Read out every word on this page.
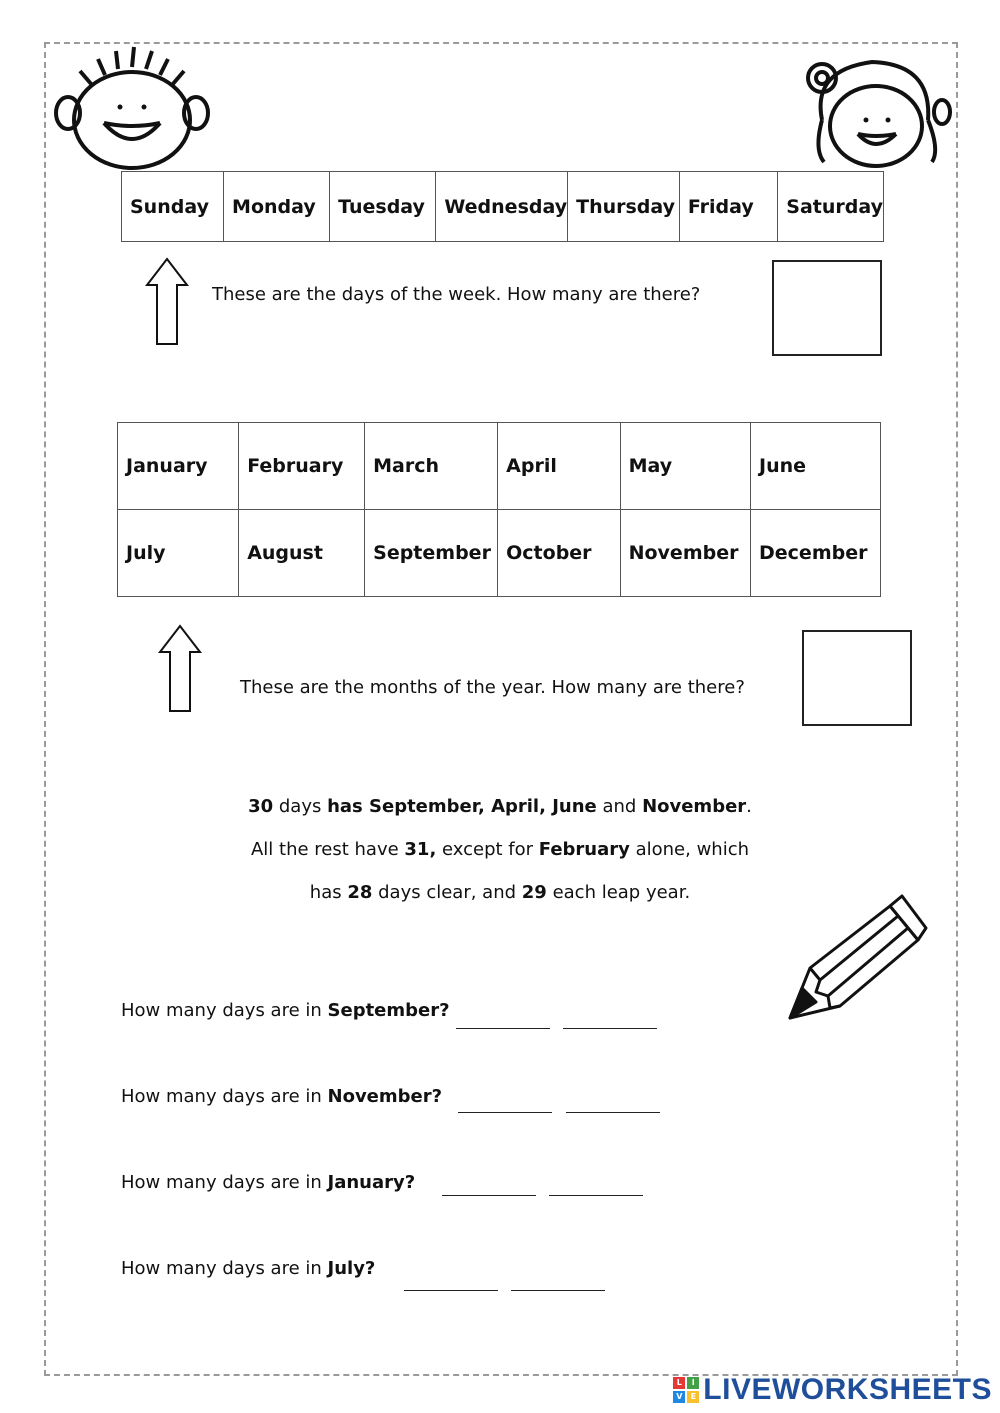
Sunday	Monday	Tuesday	Wednesday	Thursday	Friday	Saturday
These are the days of the week. How many are there?
January	February	March	April	May	June
July	August	September	October	November	December
These are the months of the year. How many are there?
30 days has September, April, June and November.
All the rest have 31, except for February alone, which
has 28 days clear, and 29 each leap year.
How many days are in September?
How many days are in November?
How many days are in January?
How many days are in July?
L	I
V	E LIVEWORKSHEETS
